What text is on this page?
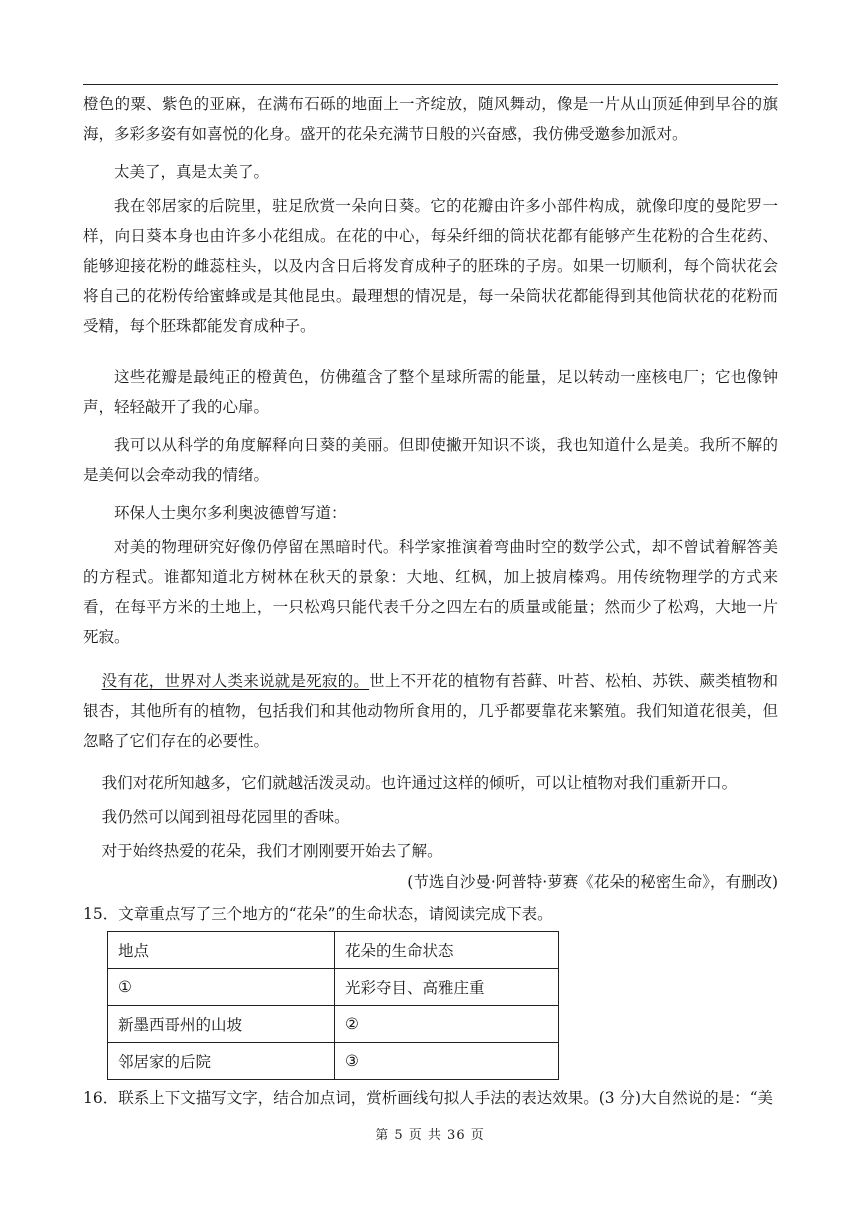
橙色的粟、紫色的亚麻，在满布石砾的地面上一齐绽放，随风舞动，像是一片从山顶延伸到早谷的旗海，多彩多姿有如喜悦的化身。盛开的花朵充满节日般的兴奋感，我仿佛受邀参加派对。

太美了，真是太美了。

我在邻居家的后院里，驻足欣赏一朵向日葵。它的花瓣由许多小部件构成，就像印度的曼陀罗一样，向日葵本身也由许多小花组成。在花的中心，每朵纤细的筒状花都有能够产生花粉的合生花药、能够迎接花粉的雌蕊柱头，以及内含日后将发育成种子的胚珠的子房。如果一切顺利，每个筒状花会将自己的花粉传给蜜蜂或是其他昆虫。最理想的情况是，每一朵筒状花都能得到其他筒状花的花粉而受精，每个胚珠都能发育成种子。

这些花瓣是最纯正的橙黄色，仿佛蕴含了整个星球所需的能量，足以转动一座核电厂；它也像钟声，轻轻敲开了我的心扉。

我可以从科学的角度解释向日葵的美丽。但即使撇开知识不谈，我也知道什么是美。我所不解的是美何以会牵动我的情绪。

环保人士奥尔多利奥波德曾写道：

对美的物理研究好像仍停留在黑暗时代。科学家推演着弯曲时空的数学公式，却不曾试着解答美的方程式。谁都知道北方树林在秋天的景象：大地、红枫，加上披肩榛鸡。用传统物理学的方式来看，在每平方米的土地上，一只松鸡只能代表千分之四左右的质量或能量；然而少了松鸡，大地一片死寂。

没有花，世界对人类来说就是死寂的。世上不开花的植物有苔藓、叶苔、松柏、苏铁、蕨类植物和银杏，其他所有的植物，包括我们和其他动物所食用的，几乎都要靠花来繁殖。我们知道花很美，但忽略了它们存在的必要性。

我们对花所知越多，它们就越活泼灵动。也许通过这样的倾听，可以让植物对我们重新开口。

我仍然可以闻到祖母花园里的香味。

对于始终热爱的花朵，我们才刚刚要开始去了解。

(节选自沙曼·阿普特·萝赛《花朵的秘密生命》，有删改)
15．文章重点写了三个地方的“花朵”的生命状态，请阅读完成下表。
地点	花朵的生命状态
①	光彩夺目、高雅庄重
新墨西哥州的山坡	②
邻居家的后院	③
16．联系上下文描写文字，结合加点词，赏析画线句拟人手法的表达效果。(3 分)大自然说的是：“美
第 5 页 共 36 页
